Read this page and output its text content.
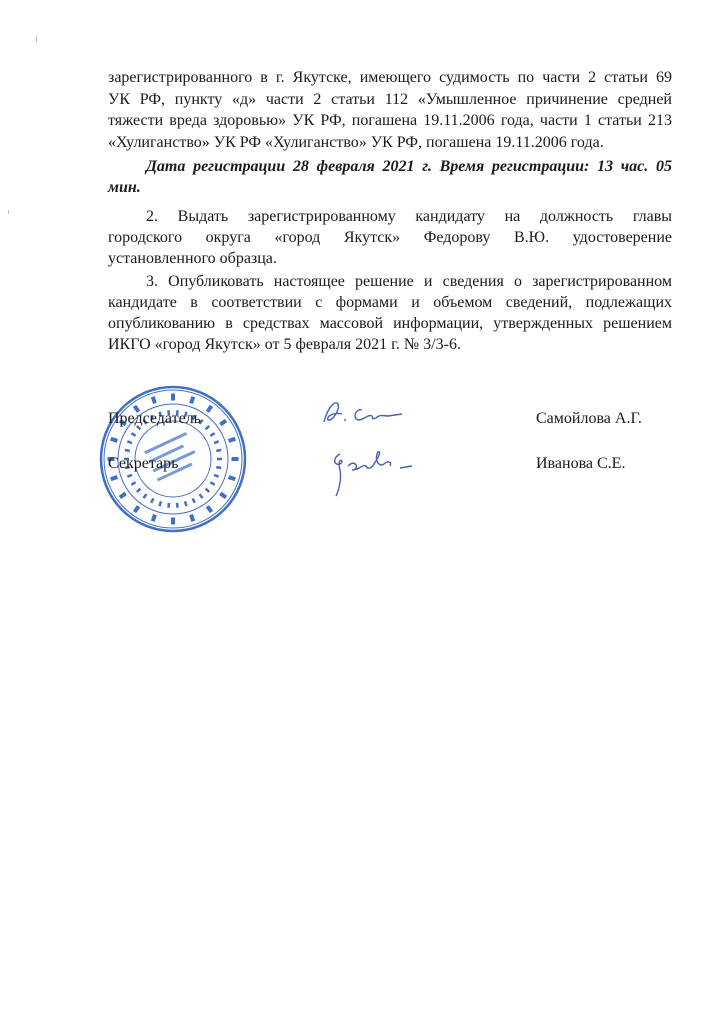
зарегистрированного в г. Якутске, имеющего судимость по части 2 статьи 69
УК РФ, пункту «д» части 2 статьи 112 «Умышленное причинение средней
тяжести вреда здоровью» УК РФ, погашена 19.11.2006 года, части 1 статьи 213
«Хулиганство» УК РФ «Хулиганство» УК РФ, погашена 19.11.2006 года.
Дата регистрации 28 февраля 2021 г. Время регистрации: 13 час. 05
мин.
2. Выдать зарегистрированному кандидату на должность главы
городского округа «город Якутск» Федорову В.Ю. удостоверение
установленного образца.
3. Опубликовать настоящее решение и сведения о зарегистрированном
кандидате в соответствии с формами и объемом сведений, подлежащих
опубликованию в средствах массовой информации, утвержденных решением
ИКГО «город Якутск» от 5 февраля 2021 г. № 3/3-6.
Председатель	Самойлова А.Г.
Секретарь	Иванова С.Е.
